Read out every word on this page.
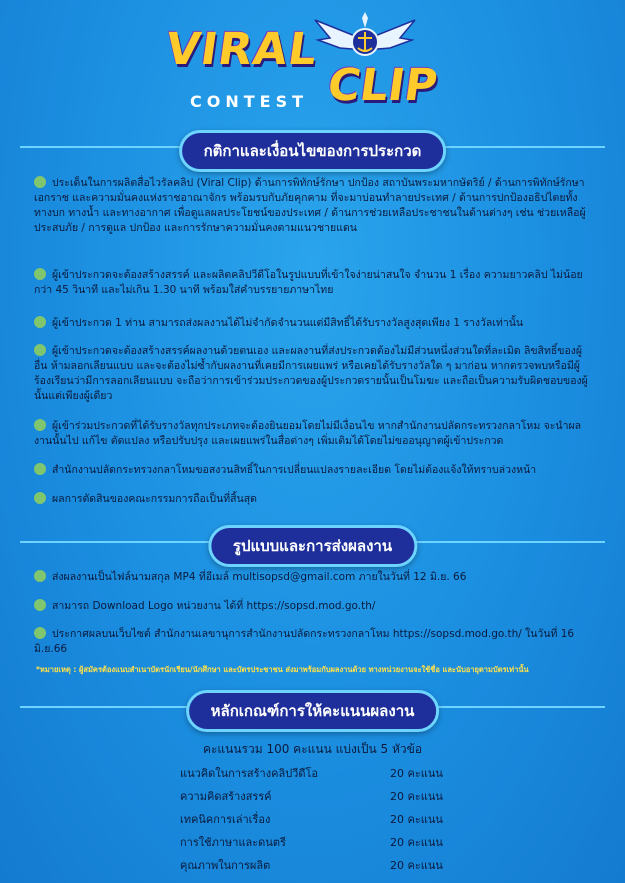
VIRAL
CLIP
CONTEST
กติกาและเงื่อนไขของการประกวด
ประเด็นในการผลิตสื่อไวรัลคลิป (Viral Clip) ด้านการพิทักษ์รักษา ปกป้อง สถาบันพระมหากษัตริย์ / ด้านการพิทักษ์รักษาเอกราช และความมั่นคงแห่งราชอาณาจักร พร้อมรบกับภัยคุกคาม ที่จะมาบ่อนทำลายประเทศ / ด้านการปกป้องอธิปไตยทั้งทางบก ทางน้ำ และทางอากาศ เพื่อดูแลผลประโยชน์ของประเทศ / ด้านการช่วยเหลือประชาชนในด้านต่างๆ เช่น ช่วยเหลือผู้ประสบภัย / การดูแล ปกป้อง และการรักษาความมั่นคงตามแนวชายแดน
ผู้เข้าประกวดจะต้องสร้างสรรค์ และผลิตคลิปวีดีโอในรูปแบบที่เข้าใจง่ายน่าสนใจ จำนวน 1 เรื่อง ความยาวคลิป ไม่น้อยกว่า 45 วินาที และไม่เกิน 1.30 นาที พร้อมใส่คำบรรยายภาษาไทย
ผู้เข้าประกวด 1 ท่าน สามารถส่งผลงานได้ไม่จำกัดจำนวนแต่มีสิทธิ์ได้รับรางวัลสูงสุดเพียง 1 รางวัลเท่านั้น
ผู้เข้าประกวดจะต้องสร้างสรรค์ผลงานด้วยตนเอง และผลงานที่ส่งประกวดต้องไม่มีส่วนหนึ่งส่วนใดที่ละเมิด ลิขสิทธิ์ของผู้อื่น ห้ามลอกเลียนแบบ และจะต้องไม่ซ้ำกับผลงานที่เคยมีการเผยแพร่ หรือเคยได้รับรางวัลใด ๆ มาก่อน หากตรวจพบหรือมีผู้ร้องเรียนว่ามีการลอกเลียนแบบ จะถือว่าการเข้าร่วมประกวดของผู้ประกวดรายนั้นเป็นโมฆะ และถือเป็นความรับผิดชอบของผู้นั้นแต่เพียงผู้เดียว
ผู้เข้าร่วมประกวดที่ได้รับรางวัลทุกประเภทจะต้องยินยอมโดยไม่มีเงื่อนไข หากสำนักงานปลัดกระทรวงกลาโหม จะนำผลงานนั้นไป แก้ไข ตัดแปลง หรือปรับปรุง และเผยแพร่ในสื่อต่างๆ เพิ่มเติมได้โดยไม่ขออนุญาตผู้เข้าประกวด
สำนักงานปลัดกระทรวงกลาโหมขอสงวนสิทธิ์ในการเปลี่ยนแปลงรายละเอียด โดยไม่ต้องแจ้งให้ทราบล่วงหน้า
ผลการตัดสินของคณะกรรมการถือเป็นที่สิ้นสุด
รูปแบบและการส่งผลงาน
ส่งผลงานเป็นไฟล์นามสกุล MP4 ที่อีเมล์ multisopsd@gmail.com ภายในวันที่ 12 มิ.ย. 66
สามารถ Download Logo หน่วยงาน ได้ที่ https://sopsd.mod.go.th/
ประกาศผลบนเว็บไซต์ สำนักงานเลขานุการสำนักงานปลัดกระทรวงกลาโหม https://sopsd.mod.go.th/ ในวันที่ 16 มิ.ย.66
*หมายเหตุ : ผู้สมัครต้องแนบสำเนาบัตรนักเรียน/นักศึกษา และบัตรประชาชน ส่งมาพร้อมกับผลงานด้วย ทางหน่วยงานจะใช้ชื่อ และนับอายุตามบัตรเท่านั้น
หลักเกณฑ์การให้คะแนนผลงาน
คะแนนรวม 100 คะแนน แบ่งเป็น 5 หัวข้อ
แนวคิดในการสร้างคลิปวีดีโอ	20 คะแนน
ความคิดสร้างสรรค์	20 คะแนน
เทคนิคการเล่าเรื่อง	20 คะแนน
การใช้ภาษาและดนตรี	20 คะแนน
คุณภาพในการผลิต	20 คะแนน
